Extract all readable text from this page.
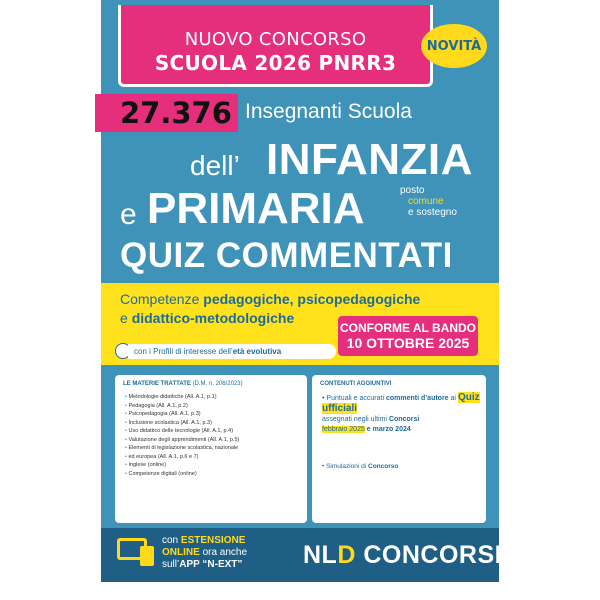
NUOVO CONCORSO
SCUOLA 2026 PNRR3
NOVITÀ
27.376 Insegnanti Scuola
dell’ INFANZIA
e PRIMARIA	posto
comune
e sostegno
QUIZ COMMENTATI
Competenze pedagogiche, psicopedagogiche
e didattico-metodologiche
CONFORME AL BANDO
10 OTTOBRE 2025
con i Profili di interesse dell’età evolutiva
LE MATERIE TRATTATE (D.M. n. 206/2023)
• Metodologie didattiche (All. A.1, p.1)
• Pedagogia (All. A.1, p.2)
• Psicopedagogia (All. A.1, p.3)
• Inclusione scolastica (All. A.1, p.3)
• Uso didattico delle tecnologie (All. A.1, p.4)
• Valutazione degli apprendimenti (All. A.1, p.5)
• Elementi di legislazione scolastica, nazionale
• ed europea (All. A.1, p.6 e 7)
• Inglese (online)
• Competenze digitali (online)
CONTENUTI AGGIUNTIVI
• Puntuali e accurati commenti d’autore ai Quiz ufficiali
assegnati negli ultimi Concorsi
febbraio 2025 e marzo 2024
• Simulazioni di Concorso
con ESTENSIONE
ONLINE ora anche
sull’APP “N-EXT” NLD CONCORSI
